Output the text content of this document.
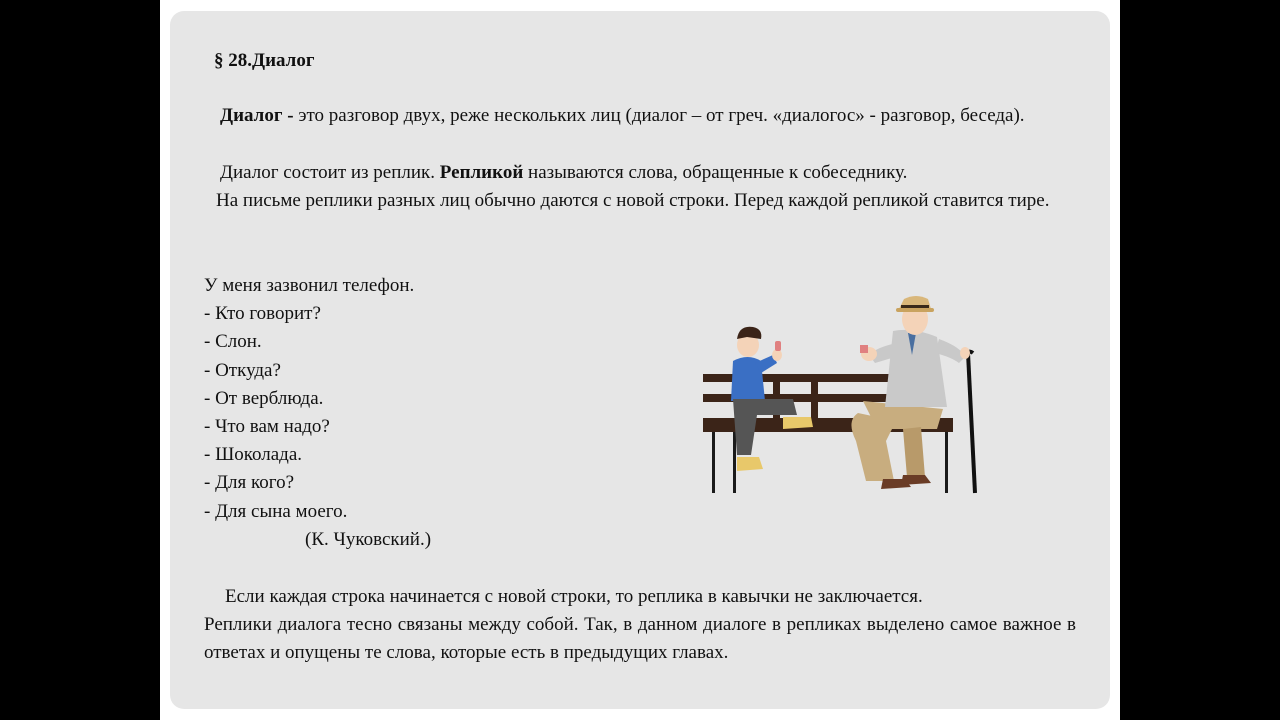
§ 28.Диалог

Диалог - это разговор двух, реже нескольких лиц (диалог – от греч. «диалогос» - разговор, беседа).

Диалог состоит из реплик. Репликой называются слова, обращенные к собеседнику.

На письме реплики разных лиц обычно даются с новой строки. Перед каждой репликой ставится тире.

У меня зазвонил телефон.
- Кто говорит?
- Слон.
- Откуда?
- От верблюда.
- Что вам надо?
- Шоколада.
- Для кого?
- Для сына моего.
(К. Чуковский.)

Если каждая строка начинается с новой строки, то реплика в кавычки не заключается.

Реплики диалога тесно связаны между собой. Так, в данном диалоге в репликах выделено самое важное в ответах и опущены те слова, которые есть в предыдущих главах.
